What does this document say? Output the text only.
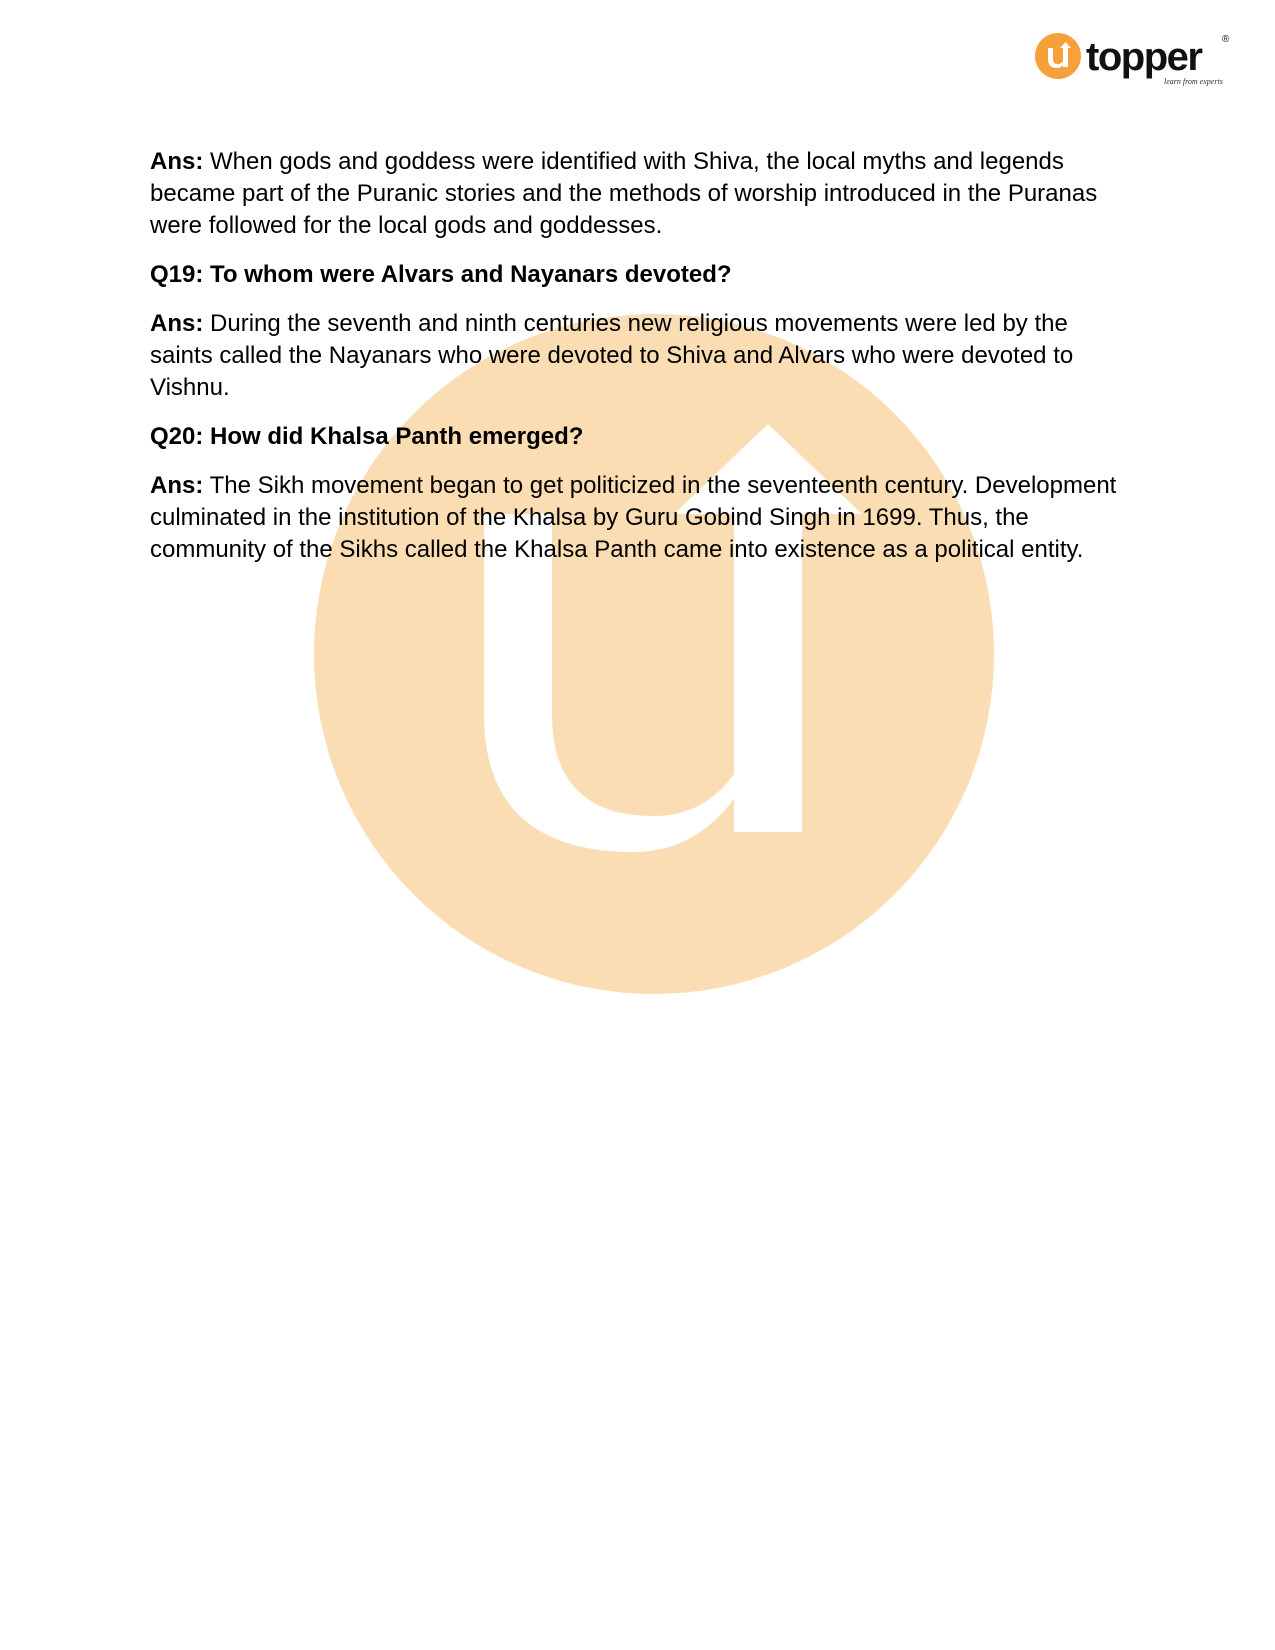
topper
learn from experts
®

Ans: When gods and goddess were identified with Shiva, the local myths and legends became part of the Puranic stories and the methods of worship introduced in the Puranas were followed for the local gods and goddesses.

Q19: To whom were Alvars and Nayanars devoted?

Ans: During the seventh and ninth centuries new religious movements were led by the saints called the Nayanars who were devoted to Shiva and Alvars who were devoted to Vishnu.

Q20: How did Khalsa Panth emerged?

Ans: The Sikh movement began to get politicized in the seventeenth century. Development culminated in the institution of the Khalsa by Guru Gobind Singh in 1699. Thus, the community of the Sikhs called the Khalsa Panth came into existence as a political entity.
